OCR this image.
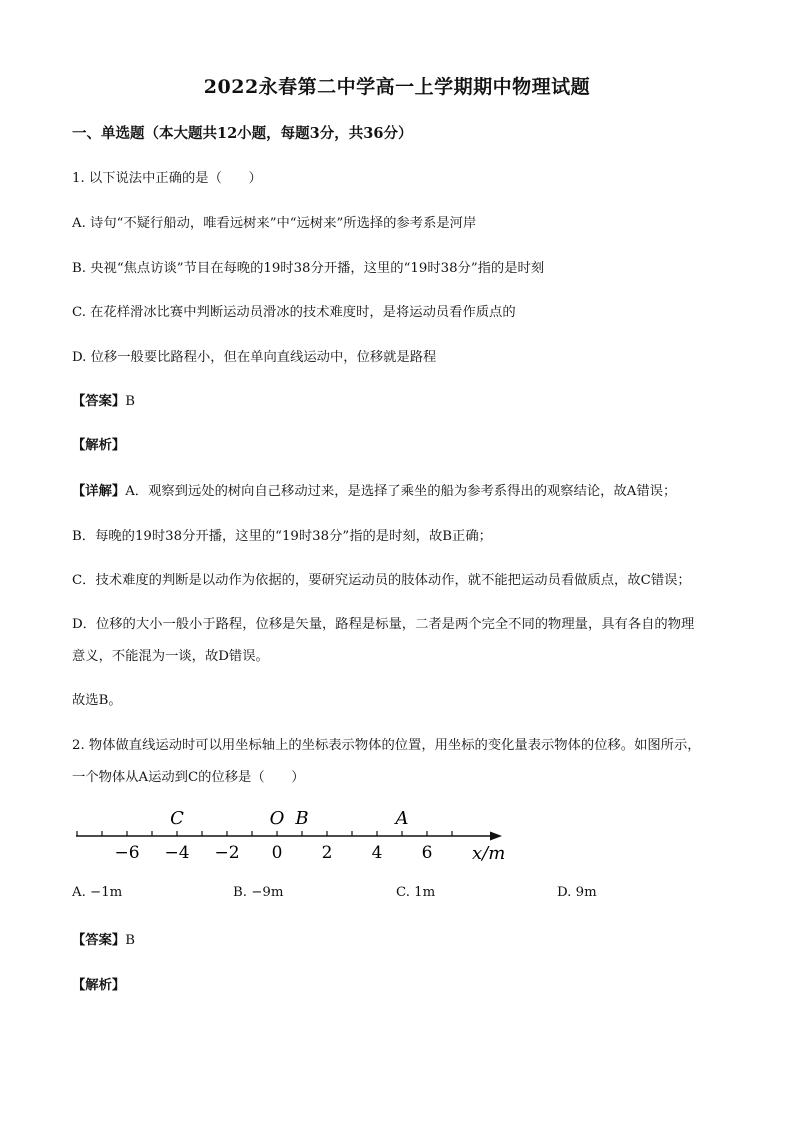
2022永春第二中学高一上学期期中物理试题
一、单选题（本大题共12小题，每题3分，共36分）
1. 以下说法中正确的是（　　）
A. 诗句“不疑行船动，唯看远树来”中“远树来”所选择的参考系是河岸
B. 央视“焦点访谈”节目在每晚的19时38分开播，这里的“19时38分”指的是时刻
C. 在花样滑冰比赛中判断运动员滑冰的技术难度时，是将运动员看作质点的
D. 位移一般要比路程小，但在单向直线运动中，位移就是路程
【答案】B
【解析】
【详解】A．观察到远处的树向自己移动过来，是选择了乘坐的船为参考系得出的观察结论，故A错误；
B．每晚的19时38分开播，这里的“19时38分”指的是时刻，故B正确；
C．技术难度的判断是以动作为依据的，要研究运动员的肢体动作，就不能把运动员看做质点，故C错误；
D．位移的大小一般小于路程，位移是矢量，路程是标量，二者是两个完全不同的物理量，具有各自的物理
意义，不能混为一谈，故D错误。
故选B。
2. 物体做直线运动时可以用坐标轴上的坐标表示物体的位置，用坐标的变化量表示物体的位移。如图所示，
一个物体从A运动到C的位移是（　　）
−6 −4 −2 0 2 4 6
C	O B	A
x/m
A. −1m	B. −9m	C. 1m	D. 9m
【答案】B
【解析】
